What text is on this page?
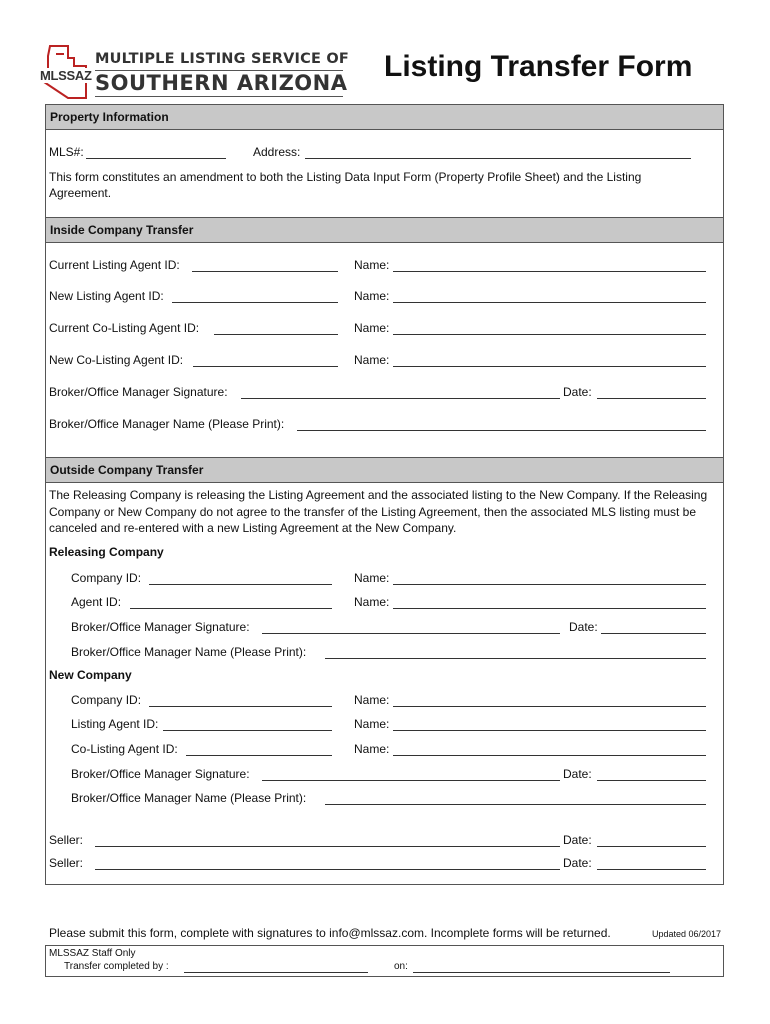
MLSSAZ
MULTIPLE LISTING SERVICE OF
SOUTHERN ARIZONA Listing Transfer Form
Property Information
MLS#:	Address:
This form constitutes an amendment to both the Listing Data Input Form (Property Profile Sheet) and the Listing Agreement.
Inside Company Transfer
Current Listing Agent ID:	Name:
New Listing Agent ID:	Name:
Current Co-Listing Agent ID:	Name:
New Co-Listing Agent ID:	Name:
Broker/Office Manager Signature:	Date:
Broker/Office Manager Name (Please Print):
Outside Company Transfer
The Releasing Company is releasing the Listing Agreement and the associated listing to the New Company. If the Releasing Company or New Company do not agree to the transfer of the Listing Agreement, then the associated MLS listing must be canceled and re-entered with a new Listing Agreement at the New Company.
Releasing Company
Company ID:	Name:
Agent ID:	Name:
Broker/Office Manager Signature:	Date:
Broker/Office Manager Name (Please Print):
New Company
Company ID:	Name:
Listing Agent ID:	Name:
Co-Listing Agent ID:	Name:
Broker/Office Manager Signature:	Date:
Broker/Office Manager Name (Please Print):
Seller:	Date:
Seller:	Date:
Please submit this form, complete with signatures to info@mlssaz.com. Incomplete forms will be returned.	Updated 06/2017
MLSSAZ Staff Only
Transfer completed by :	on:
